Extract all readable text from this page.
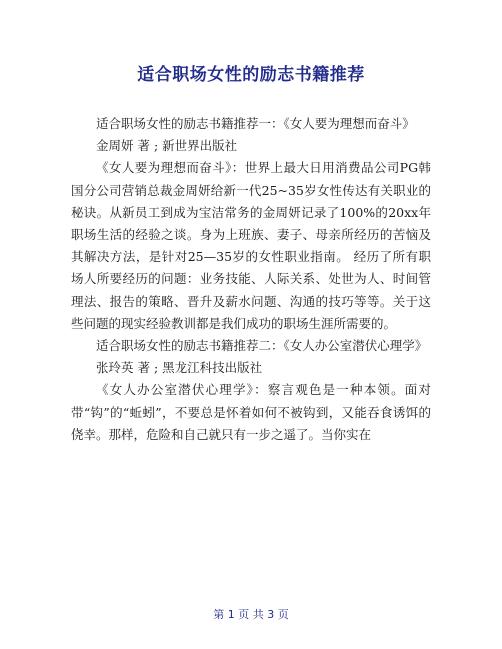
适合职场女性的励志书籍推荐

适合职场女性的励志书籍推荐一：《女人要为理想而奋斗》

金周妍 著 ; 新世界出版社

《女人要为理想而奋斗》：世界上最大日用消费品公司PG韩国分公司营销总裁金周妍给新一代25~35岁女性传达有关职业的秘诀。从新员工到成为宝洁常务的金周妍记录了100%的20xx年职场生活的经验之谈。身为上班族、妻子、母亲所经历的苦恼及其解决方法，是针对25—35岁的女性职业指南。 经历了所有职场人所要经历的问题：业务技能、人际关系、处世为人、时间管理法、报告的策略、晋升及薪水问题、沟通的技巧等等。关于这些问题的现实经验教训都是我们成功的职场生涯所需要的。

适合职场女性的励志书籍推荐二：《女人办公室潜伏心理学》

张玲英 著 ; 黑龙江科技出版社

《女人办公室潜伏心理学》：察言观色是一种本领。面对带“钩”的“蚯蚓”，不要总是怀着如何不被钩到，又能吞食诱饵的侥幸。那样，危险和自己就只有一步之遥了。当你实在

第 1 页 共 3 页
